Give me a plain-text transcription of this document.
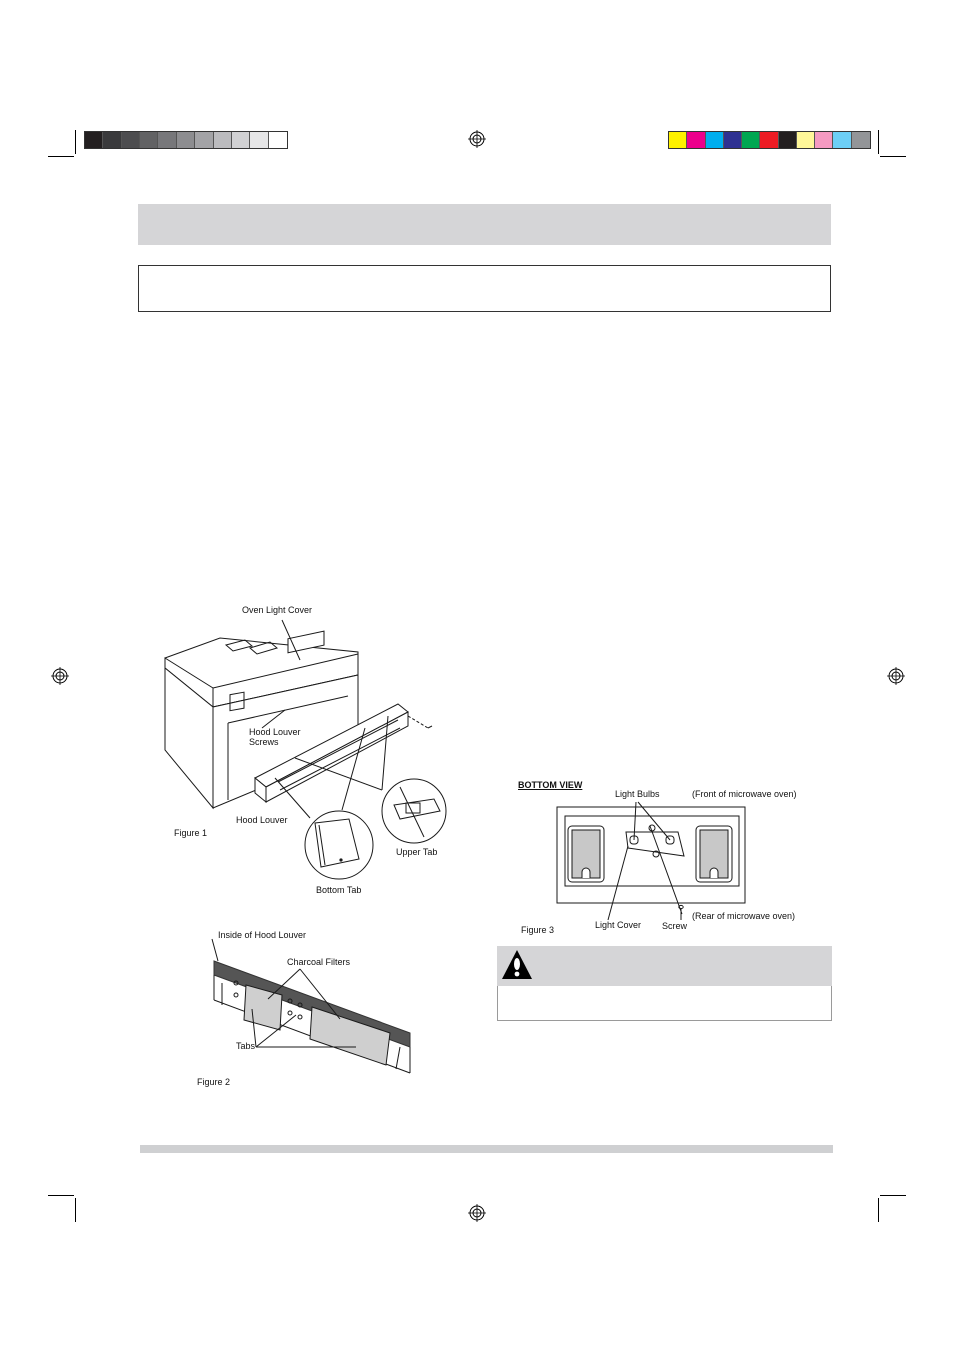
Oven Light Cover
Hood Louver
Screws
Hood Louver
Upper Tab
Bottom Tab
Figure 1
Inside of Hood Louver
Charcoal Filters
Tabs
Figure 2
BOTTOM VIEW
Light Bulbs	(Front of microwave oven)
(Rear of microwave oven)
Light Cover Screw
Figure 3
